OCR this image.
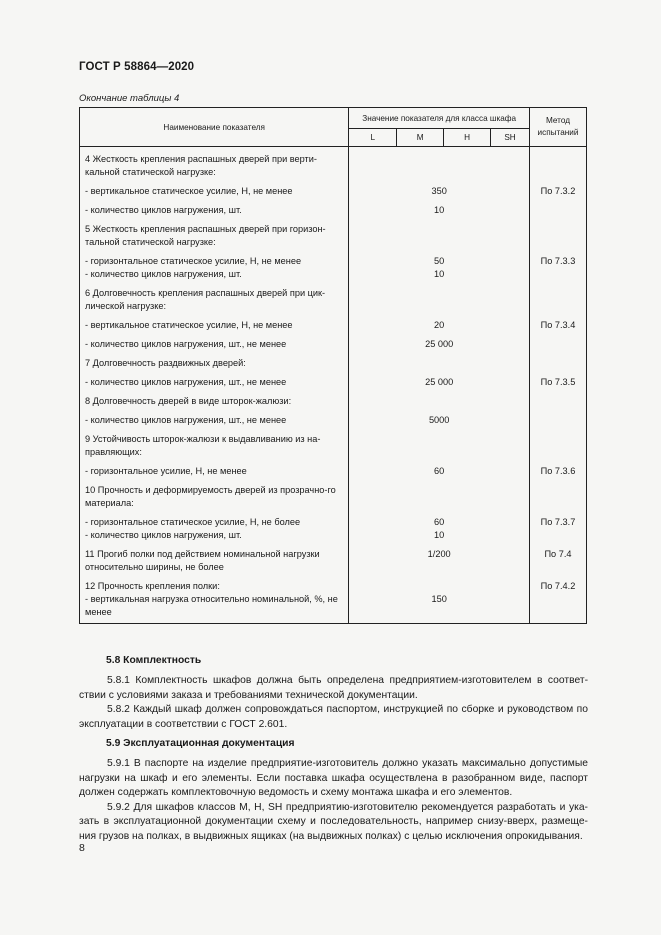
ГОСТ Р 58864—2020
Окончание таблицы 4
Наименование показателя	Значение показателя для класса шкафа				Метод испытаний
	L	M	H	SH	

4 Жесткость крепления распашных дверей при верти-кальной статической нагрузке:					

- вертикальное статическое усилие, Н, не менее	350				По 7.3.2

- количество циклов нагружения, шт.	10				

5 Жесткость крепления распашных дверей при горизон-тальной статической нагрузке:					

- горизонтальное статическое усилие, Н, не менее	50				По 7.3.3
- количество циклов нагружения, шт.	10				

6 Долговечность крепления распашных дверей при цик-лической нагрузке:					

- вертикальное статическое усилие, Н, не менее	20				По 7.3.4

- количество циклов нагружения, шт., не менее	25 000				

7 Долговечность раздвижных дверей:					

- количество циклов нагружения, шт., не менее	25 000				По 7.3.5

8 Долговечность дверей в виде шторок-жалюзи:					

- количество циклов нагружения, шт., не менее	5000				

9 Устойчивость шторок-жалюзи к выдавливанию из на-правляющих:					

- горизонтальное усилие, Н, не менее	60				По 7.3.6

10 Прочность и деформируемость дверей из прозрачно-го материала:					

- горизонтальное статическое усилие, Н, не более	60				По 7.3.7
- количество циклов нагружения, шт.	10				

11 Прогиб полки под действием номинальной нагрузки относительно ширины, не более	1/200				По 7.4

12 Прочность крепления полки:					По 7.4.2
- вертикальная нагрузка относительно номинальной, %, не менее	150				
5.8 Комплектность

5.8.1 Комплектность шкафов должна быть определена предприятием-изготовителем в соответ-ствии с условиями заказа и требованиями технической документации.

5.8.2 Каждый шкаф должен сопровождаться паспортом, инструкцией по сборке и руководством по эксплуатации в соответствии с ГОСТ 2.601.

5.9 Эксплуатационная документация

5.9.1 В паспорте на изделие предприятие-изготовитель должно указать максимально допустимые нагрузки на шкаф и его элементы. Если поставка шкафа осуществлена в разобранном виде, паспорт должен содержать комплектовочную ведомость и схему монтажа шкафа и его элементов.

5.9.2 Для шкафов классов М, Н, SH предприятию-изготовителю рекомендуется разработать и ука-зать в эксплуатационной документации схему и последовательность, например снизу-вверх, размеще-ния грузов на полках, в выдвижных ящиках (на выдвижных полках) с целью исключения опрокидывания.

8
